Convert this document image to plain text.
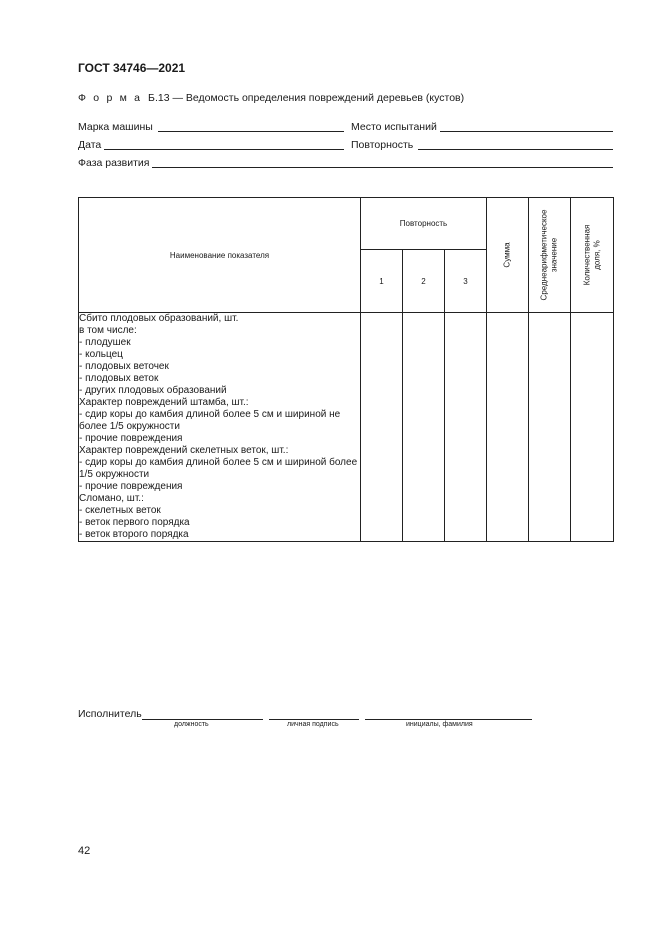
ГОСТ 34746—2021
Ф о р м а Б.13 — Ведомость определения повреждений деревьев (кустов)
Марка машины	Место испытаний
Дата	Повторность
Фаза развития
Наименование показателя	Повторность			Сумма	Среднеарифметическое значение	Количественная доля, %

	1	2	3			
Сбито плодовых образований, шт.						
в том числе:						
- плодушек						
- кольцец						
- плодовых веточек						
- плодовых веток						
- других плодовых образований						
Характер повреждений штамба, шт.:						
- сдир коры до камбия длиной более 5 см и шириной не более 1/5 окружности						
- прочие повреждения						
Характер повреждений скелетных веток, шт.:						
- сдир коры до камбия длиной более 5 см и шириной более 1/5 окружности						
- прочие повреждения						
Сломано, шт.:						
- скелетных веток						
- веток первого порядка						
- веток второго порядка						
Исполнитель
должность	личная подпись	инициалы, фамилия
42
